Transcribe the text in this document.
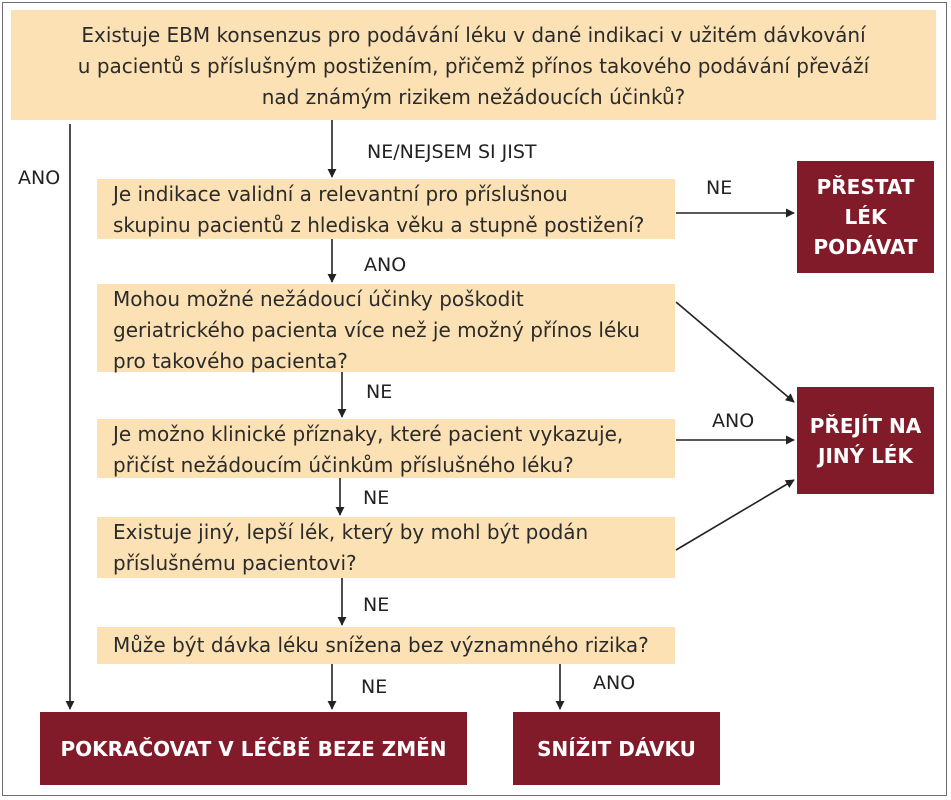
Existuje EBM konsenzus pro podávání léku v dané indikaci v užitém dávkování
u pacientů s příslušným postižením, přičemž přínos takového podávání převáží
nad známým rizikem nežádoucích účinků?
Je indikace validní a relevantní pro příslušnou
skupinu pacientů z hlediska věku a stupně postižení?
Mohou možné nežádoucí účinky poškodit
geriatrického pacienta více než je možný přínos léku
pro takového pacienta?
Je možno klinické příznaky, které pacient vykazuje,
přičíst nežádoucím účinkům příslušného léku?
Existuje jiný, lepší lék, který by mohl být podán
příslušnému pacientovi?
Může být dávka léku snížena bez významného rizika?
PŘESTAT
LÉK
PODÁVAT
PŘEJÍT NA
JINÝ LÉK
POKRAČOVAT V LÉČBĚ BEZE ZMĚN	SNÍŽIT DÁVKU
ANO
NE/NEJSEM SI JIST
NE
ANO
NE
ANO
NE
NE
NE	ANO
